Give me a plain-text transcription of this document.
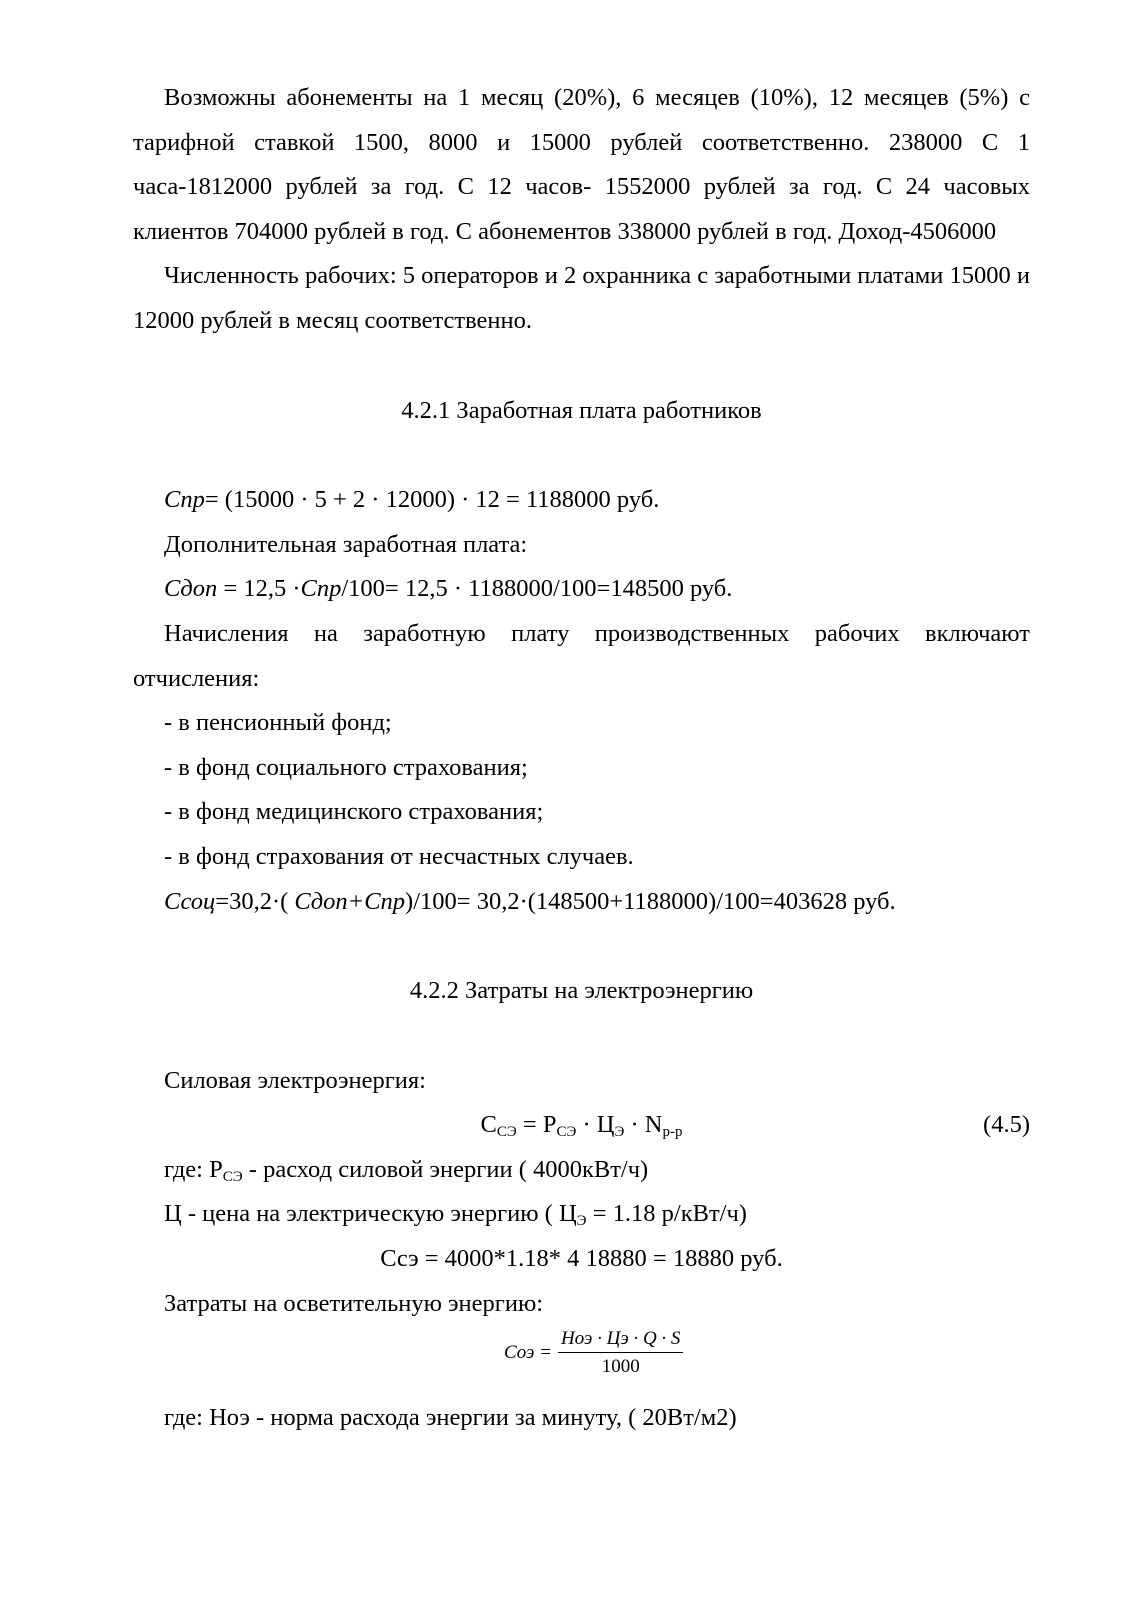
Возможны абонементы на 1 месяц (20%), 6 месяцев (10%), 12 месяцев (5%) с тарифной ставкой 1500, 8000 и 15000 рублей соответственно. 238000 С 1 часа-1812000 рублей за год. С 12 часов- 1552000 рублей за год. С 24 часовых клиентов 704000 рублей в год. С абонементов 338000 рублей в год. Доход-4506000

Численность рабочих: 5 операторов и 2 охранника с заработными платами 15000 и 12000 рублей в месяц соответственно.

4.2.1 Заработная плата работников

Спр= (15000 · 5 + 2 · 12000) · 12 = 1188000 руб.

Дополнительная заработная плата:

Сдоп = 12,5 ·Спр/100= 12,5 · 1188000/100=148500 руб.

Начисления на заработную плату производственных рабочих включают отчисления:

- в пенсионный фонд;

- в фонд социального страхования;

- в фонд медицинского страхования;

- в фонд страхования от несчастных случаев.

Ссоц=30,2·( Сдоп+Спр)/100= 30,2·(148500+1188000)/100=403628 руб.

4.2.2 Затраты на электроэнергию

Силовая электроэнергия:

$С_{СЭ} = Р_{СЭ} \cdot Ц_Э \cdot N_{р-р}$	(4.5)

где: $Р_{СЭ}$ - расход силовой энергии ( 4000кВт/ч)

Ц - цена на электрическую энергию ( $Ц_Э = 1.18$ р/кВт/ч)

Ссэ = 4000*1.18* 4 18880 = 18880 руб.

Затраты на осветительную энергию:

Соэ = $\frac{\text{Ноэ · Цэ · Q · S}}{1000}$

где: Ноэ - норма расхода энергии за минуту, ( 20Вт/м2)
